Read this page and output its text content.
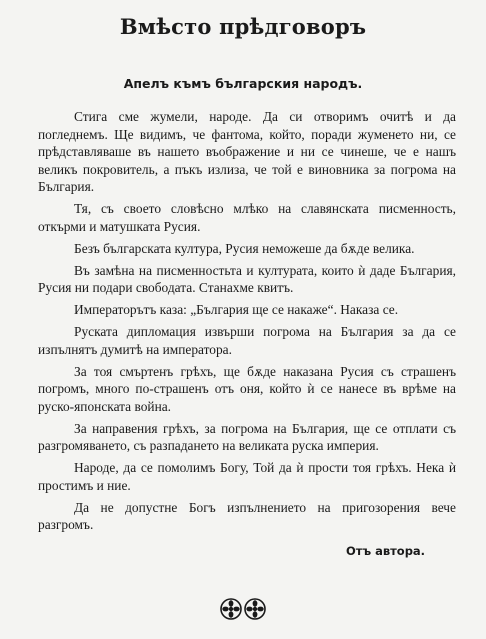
Вмѣсто прѣдговоръ
Апелъ къмъ българския народъ.

Стига сме жумели, народе. Да си отворимъ очитѣ и да погледнемъ. Ще видимъ, че фантома, който, поради жуменето ни, се прѣдставляваше въ нашето въображение и ни се чинеше, че е нашъ великъ покровитель, а пъкъ излиза, че той е виновника за погрома на България.

Тя, съ своето словѣсно млѣко на славянската писменность, откърми и матушката Русия.

Безъ българската култура, Русия неможеше да бѫде велика.

Въ замѣна на писменностьта и културата, които ѝ даде България, Русия ни подари свободата. Станахме квитъ.

Императорътъ каза: „България ще се накаже“. Наказа се.

Руската дипломация извърши погрома на България за да се изпълнятъ думитѣ на императора.

За тоя смъртенъ грѣхъ, ще бѫде наказана Русия съ страшенъ погромъ, много по-страшенъ отъ оня, който ѝ се нанесе въ врѣме на руско-японската война.

За направения грѣхъ, за погрома на България, ще се отплати съ разгромяването, съ разпадането на великата руска империя.

Народе, да се помолимъ Богу, Той да ѝ прости тоя грѣхъ. Нека ѝ простимъ и ние.

Да не допустне Богъ изпълнението на пригозорения вече разгромъ.

Отъ автора.
